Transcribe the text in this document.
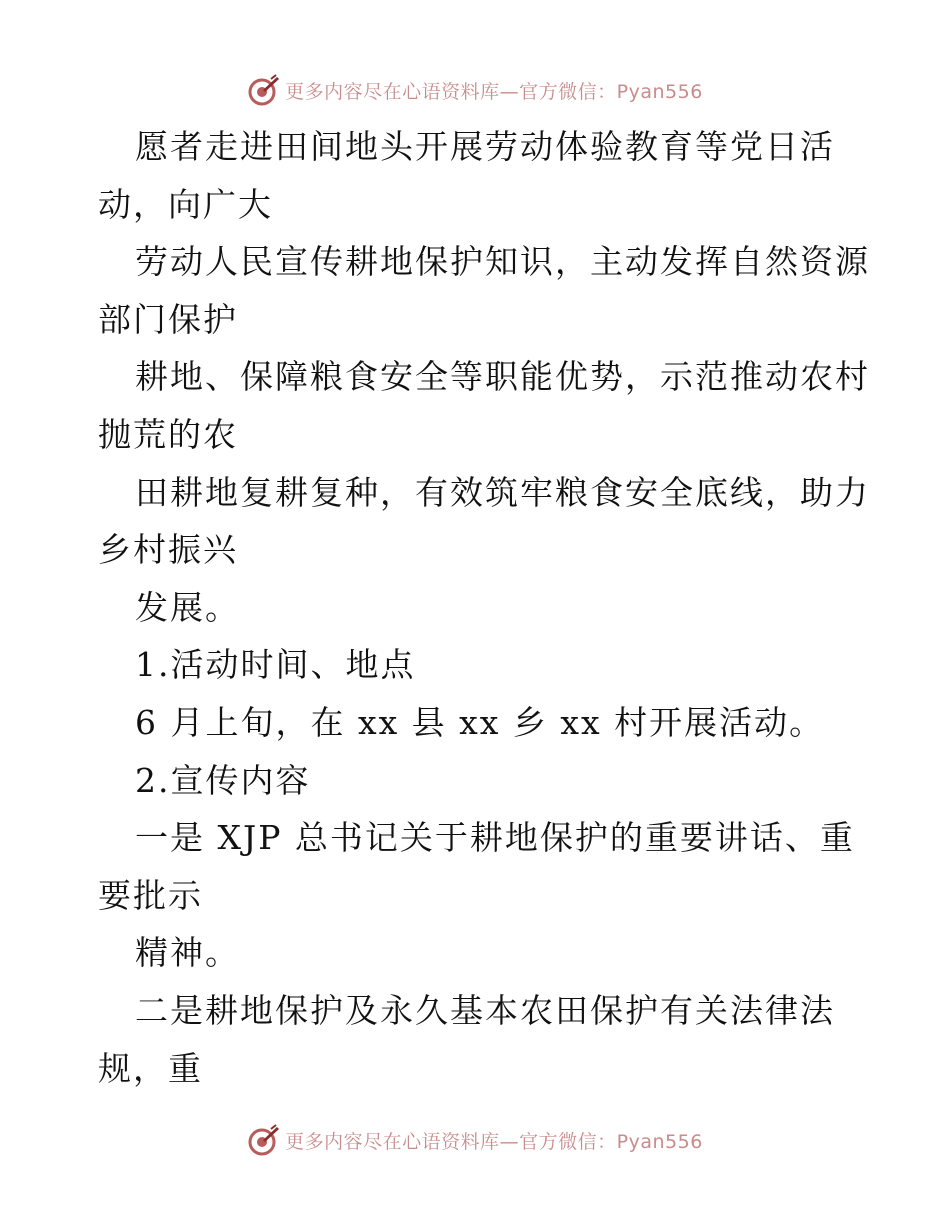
更多内容尽在心语资料库—官方微信：Pyan556
愿者走进田间地头开展劳动体验教育等党日活
动，向广大
劳动人民宣传耕地保护知识，主动发挥自然资源
部门保护
耕地、保障粮食安全等职能优势，示范推动农村
抛荒的农
田耕地复耕复种，有效筑牢粮食安全底线，助力
乡村振兴
发展。
1.活动时间、地点
6 月上旬，在 xx 县 xx 乡 xx 村开展活动。
2.宣传内容
一是 XJP 总书记关于耕地保护的重要讲话、重
要批示
精神。
二是耕地保护及永久基本农田保护有关法律法
规，重
更多内容尽在心语资料库—官方微信：Pyan556
